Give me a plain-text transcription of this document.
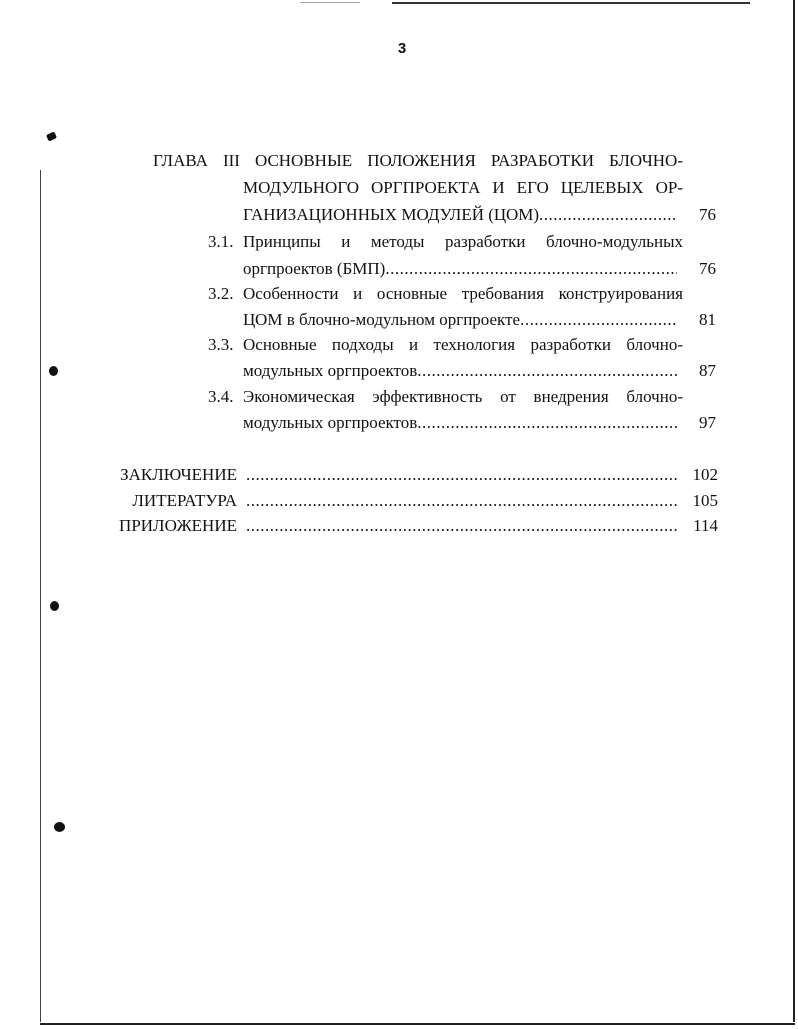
3
ГЛАВА III ОСНОВНЫЕ ПОЛОЖЕНИЯ РАЗРАБОТКИ БЛОЧНО-
МОДУЛЬНОГО ОРГПРОЕКТА И ЕГО ЦЕЛЕВЫХ ОР-
ГАНИЗАЦИОННЫХ МОДУЛЕЙ (ЦОМ) .....	76
3.1. Принципы и методы разработки блочно-модульных
оргпроектов (БМП) .....	76
3.2. Особенности и основные требования конструирования
ЦОМ в блочно-модульном оргпроекте .....	81
3.3. Основные подходы и технология разработки блочно-
модульных оргпроектов .....	87
3.4. Экономическая эффективность от внедрения блочно-
модульных оргпроектов .....	97
ЗАКЛЮЧЕНИЕ .....	102
ЛИТЕРАТУРА .....	105
ПРИЛОЖЕНИЕ .....	114
